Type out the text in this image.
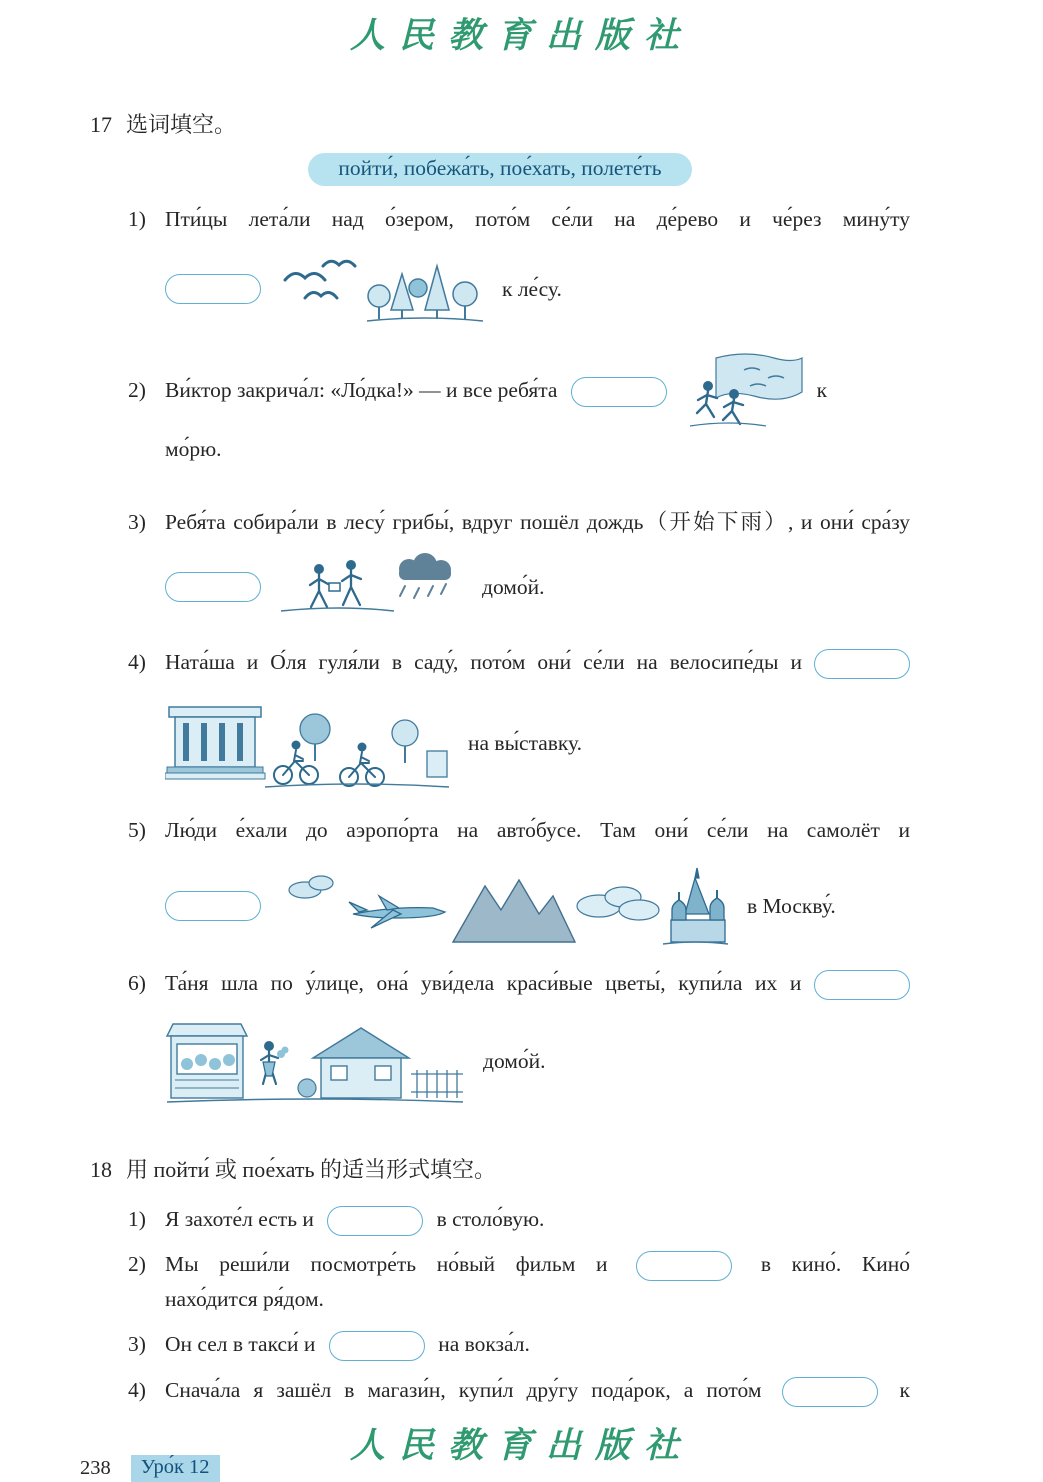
人民教育出版社
17 选词填空。
пойти́, побежа́ть, пое́хать, полете́ть
1) Пти́цы лета́ли над о́зером, пото́м се́ли на де́рево и че́рез мину́ту
к ле́су.
2) Ви́ктор закрича́л: «Ло́дка!» — и все ребя́та	к
мо́рю.
3) Ребя́та собира́ли в лесу́ грибы́, вдруг пошёл дождь（开始下雨）, и они́ сра́зу
домо́й.
4) Ната́ша и О́ля гуля́ли в саду́, пото́м они́ се́ли на велосипе́ды и
на вы́ставку.
5) Лю́ди е́хали до аэропо́рта на авто́бусе. Там они́ се́ли на самолёт и
в Москву́.
6) Та́ня шла по у́лице, она́ уви́дела краси́вые цветы́, купи́ла их и
домо́й.
18 用 пойти́ 或 пое́хать 的适当形式填空。
1) Я захоте́л есть и	в столо́вую.
2) Мы реши́ли посмотре́ть но́вый фильм и	в кино́. Кино́
нахо́дится ря́дом.
3) Он сел в такси́ и	на вокза́л.
4) Снача́ла я зашёл в магази́н, купи́л дру́гу пода́рок, а пото́м	к
238	Уро́к 12
人民教育出版社
